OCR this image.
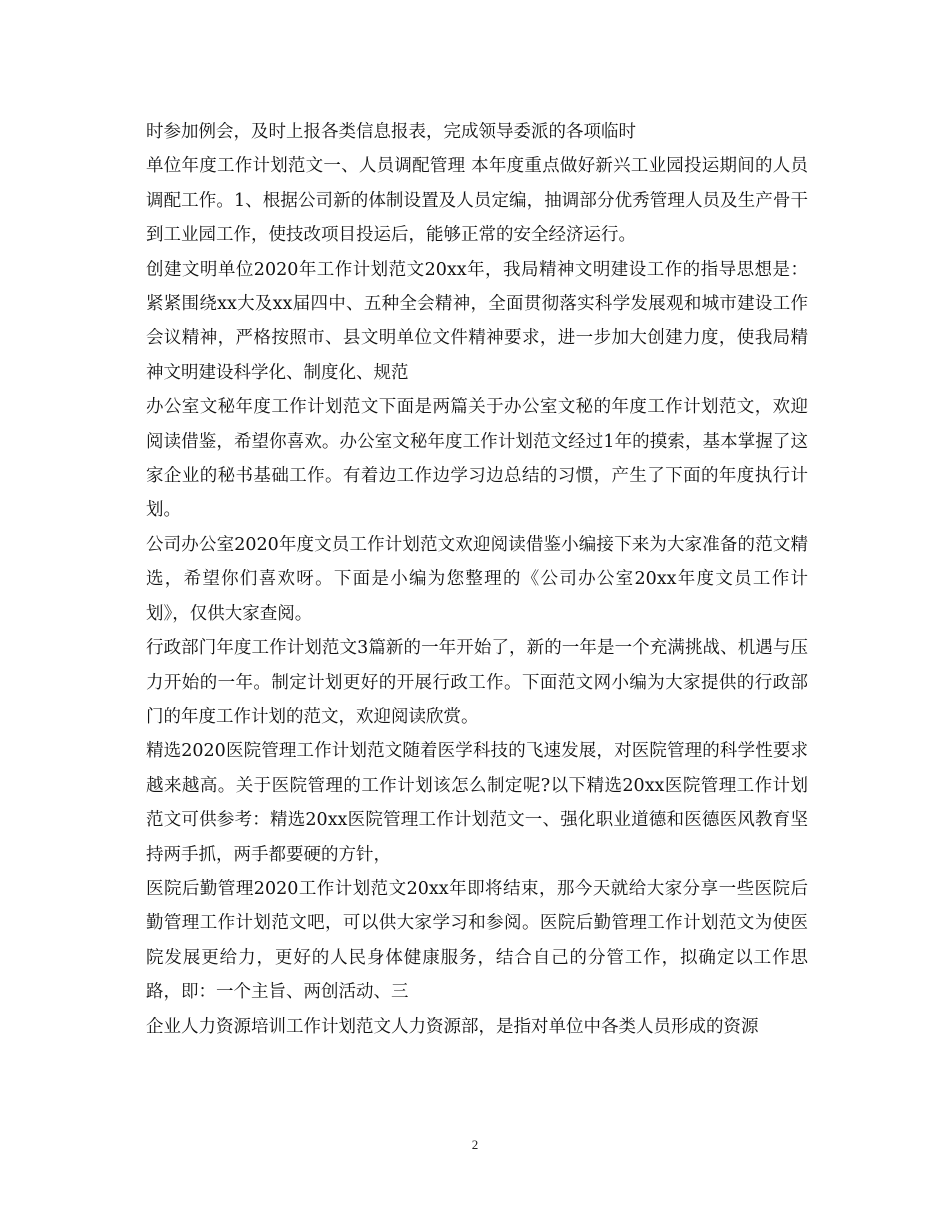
时参加例会，及时上报各类信息报表，完成领导委派的各项临时

单位年度工作计划范文一、人员调配管理 本年度重点做好新兴工业园投运期间的人员调配工作。1、根据公司新的体制设置及人员定编，抽调部分优秀管理人员及生产骨干到工业园工作，使技改项目投运后，能够正常的安全经济运行。

创建文明单位2020年工作计划范文20xx年，我局精神文明建设工作的指导思想是：紧紧围绕xx大及xx届四中、五种全会精神，全面贯彻落实科学发展观和城市建设工作会议精神，严格按照市、县文明单位文件精神要求，进一步加大创建力度，使我局精神文明建设科学化、制度化、规范

办公室文秘年度工作计划范文下面是两篇关于办公室文秘的年度工作计划范文，欢迎阅读借鉴，希望你喜欢。办公室文秘年度工作计划范文经过1年的摸索，基本掌握了这家企业的秘书基础工作。有着边工作边学习边总结的习惯，产生了下面的年度执行计划。

公司办公室2020年度文员工作计划范文欢迎阅读借鉴小编接下来为大家准备的范文精选，希望你们喜欢呀。下面是小编为您整理的《公司办公室20xx年度文员工作计划》，仅供大家查阅。

行政部门年度工作计划范文3篇新的一年开始了，新的一年是一个充满挑战、机遇与压力开始的一年。制定计划更好的开展行政工作。下面范文网小编为大家提供的行政部门的年度工作计划的范文，欢迎阅读欣赏。

精选2020医院管理工作计划范文随着医学科技的飞速发展，对医院管理的科学性要求越来越高。关于医院管理的工作计划该怎么制定呢?以下精选20xx医院管理工作计划范文可供参考：精选20xx医院管理工作计划范文一、强化职业道德和医德医风教育坚持两手抓，两手都要硬的方针，

医院后勤管理2020工作计划范文20xx年即将结束，那今天就给大家分享一些医院后勤管理工作计划范文吧，可以供大家学习和参阅。医院后勤管理工作计划范文为使医院发展更给力，更好的人民身体健康服务，结合自己的分管工作，拟确定以工作思路，即：一个主旨、两创活动、三

企业人力资源培训工作计划范文人力资源部，是指对单位中各类人员形成的资源

2
